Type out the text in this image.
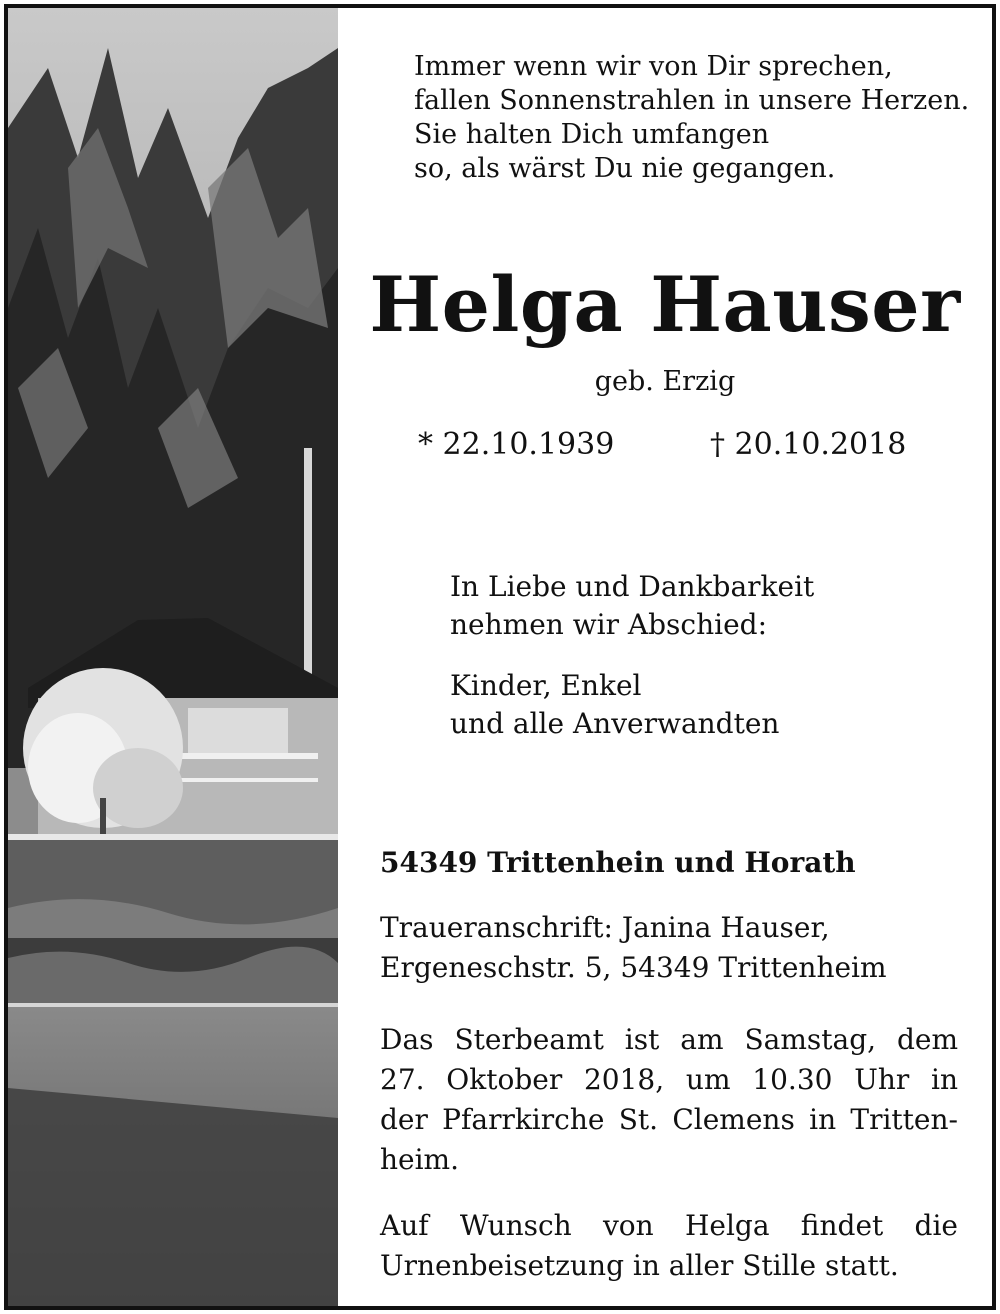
Immer wenn wir von Dir sprechen,
fallen Sonnenstrahlen in unsere Herzen.
Sie halten Dich umfangen
so, als wärst Du nie gegangen.
Helga Hauser
geb. Erzig
* 22.10.1939	† 20.10.2018
In Liebe und Dankbarkeit
nehmen wir Abschied:
Kinder, Enkel
und alle Anverwandten
54349 Trittenhein und Horath
Traueranschrift: Janina Hauser,
Ergeneschstr. 5, 54349 Trittenheim
Das Sterbeamt ist am Samstag, dem
27. Oktober 2018, um 10.30 Uhr in
der Pfarrkirche St. Clemens in Tritten-
heim.
Auf Wunsch von Helga findet die
Urnenbeisetzung in aller Stille statt.
